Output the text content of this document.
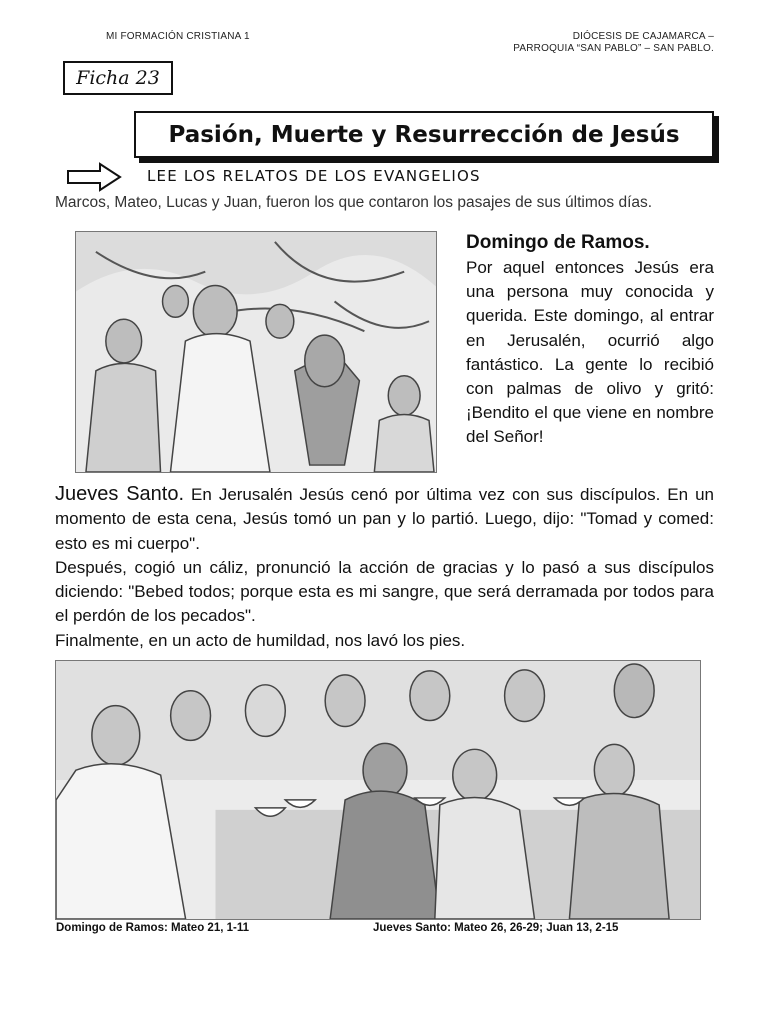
MI FORMACIÓN CRISTIANA 1	DIÓCESIS DE CAJAMARCA –
PARROQUIA “SAN PABLO” – SAN PABLO.
Ficha 23
Pasión, Muerte y Resurrección de Jesús
LEE LOS RELATOS DE LOS EVANGELIOS
Marcos, Mateo, Lucas y Juan, fueron los que contaron los pasajes de sus últimos días.
Domingo de Ramos.
Por aquel entonces Jesús era una persona muy conocida y querida. Este domingo, al entrar en Jerusalén, ocurrió algo fantástico. La gente lo recibió con palmas de olivo y gritó: ¡Bendito el que viene en nombre del Señor!

Jueves Santo. En Jerusalén Jesús cenó por última vez con sus discípulos. En un momento de esta cena, Jesús tomó un pan y lo partió. Luego, dijo: "Tomad y comed: esto es mi cuerpo".

Después, cogió un cáliz, pronunció la acción de gracias y lo pasó a sus discípulos diciendo: "Bebed todos; porque esta es mi sangre, que será derramada por todos para el perdón de los pecados".

Finalmente, en un acto de humildad, nos lavó los pies.

Domingo de Ramos: Mateo 21, 1-11	Jueves Santo: Mateo 26, 26-29; Juan 13, 2-15
